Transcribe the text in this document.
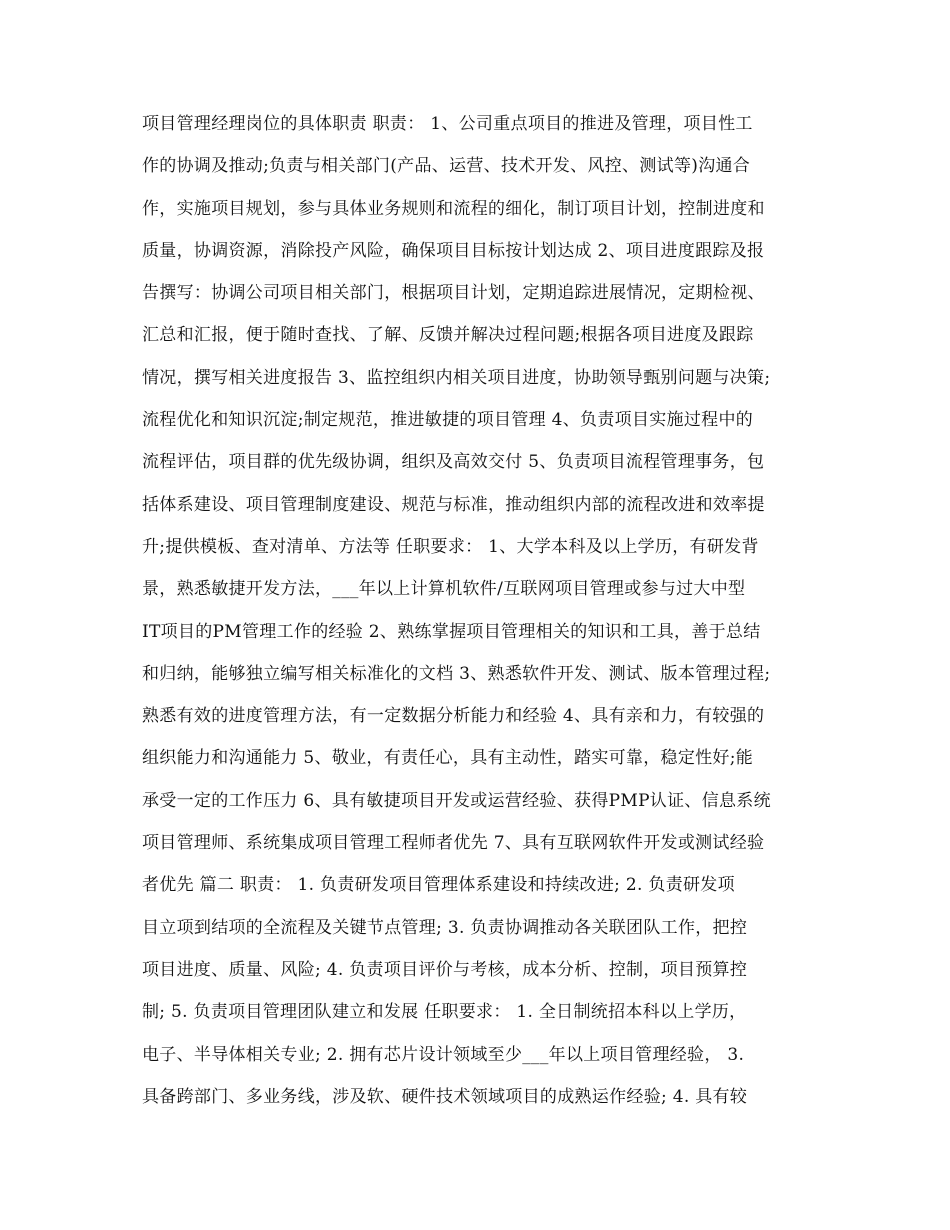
项目管理经理岗位的具体职责 职责： 1、公司重点项目的推进及管理，项目性工
作的协调及推动;负责与相关部门(产品、运营、技术开发、风控、测试等)沟通合
作，实施项目规划，参与具体业务规则和流程的细化，制订项目计划，控制进度和
质量，协调资源，消除投产风险，确保项目目标按计划达成 2、项目进度跟踪及报
告撰写：协调公司项目相关部门，根据项目计划，定期追踪进展情况，定期检视、
汇总和汇报，便于随时查找、了解、反馈并解决过程问题;根据各项目进度及跟踪
情况，撰写相关进度报告 3、监控组织内相关项目进度，协助领导甄别问题与决策;
流程优化和知识沉淀;制定规范，推进敏捷的项目管理 4、负责项目实施过程中的
流程评估，项目群的优先级协调，组织及高效交付 5、负责项目流程管理事务，包
括体系建设、项目管理制度建设、规范与标准，推动组织内部的流程改进和效率提
升;提供模板、查对清单、方法等 任职要求： 1、大学本科及以上学历，有研发背
景，熟悉敏捷开发方法，___年以上计算机软件/互联网项目管理或参与过大中型
IT项目的PM管理工作的经验 2、熟练掌握项目管理相关的知识和工具，善于总结
和归纳，能够独立编写相关标准化的文档 3、熟悉软件开发、测试、版本管理过程;
熟悉有效的进度管理方法，有一定数据分析能力和经验 4、具有亲和力，有较强的
组织能力和沟通能力 5、敬业，有责任心，具有主动性，踏实可靠，稳定性好;能
承受一定的工作压力 6、具有敏捷项目开发或运营经验、获得PMP认证、信息系统
项目管理师、系统集成项目管理工程师者优先 7、具有互联网软件开发或测试经验
者优先 篇二 职责： 1. 负责研发项目管理体系建设和持续改进; 2. 负责研发项
目立项到结项的全流程及关键节点管理; 3. 负责协调推动各关联团队工作，把控
项目进度、质量、风险; 4. 负责项目评价与考核，成本分析、控制，项目预算控
制; 5. 负责项目管理团队建立和发展 任职要求： 1. 全日制统招本科以上学历，
电子、半导体相关专业; 2. 拥有芯片设计领域至少___年以上项目管理经验， 3.
具备跨部门、多业务线，涉及软、硬件技术领域项目的成熟运作经验; 4. 具有较
